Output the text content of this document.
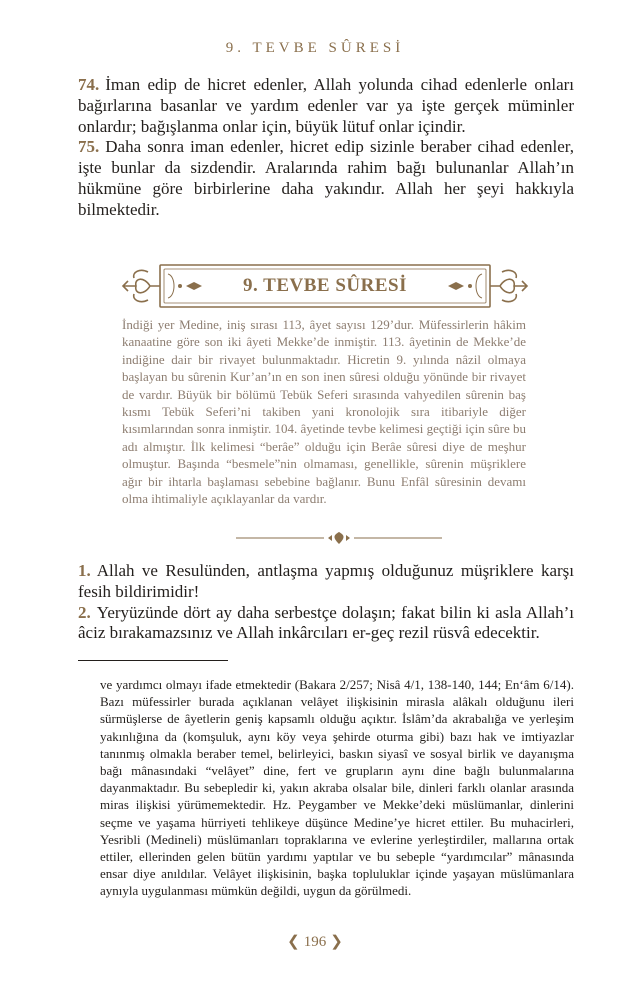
9. TEVBE SÛRESİ

74. İman edip de hicret edenler, Allah yolunda cihad edenlerle onları bağırlarına basanlar ve yardım edenler var ya işte gerçek müminler onlardır; bağışlanma onlar için, büyük lütuf onlar içindir.

75. Daha sonra iman edenler, hicret edip sizinle beraber cihad edenler, işte bunlar da sizdendir. Aralarında rahim bağı bulunanlar Allah’ın hükmüne göre birbirlerine daha yakındır. Allah her şeyi hakkıyla bilmektedir.

9. TEVBE SÛRESİ

İndiği yer Medine, iniş sırası 113, âyet sayısı 129’dur. Müfessirlerin hâkim kanaatine göre son iki âyeti Mekke’de inmiştir. 113. âyetinin de Mekke’de indiğine dair bir rivayet bulunmaktadır. Hicretin 9. yılında nâzil olmaya başlayan bu sûrenin Kur’an’ın en son inen sûresi olduğu yönünde bir rivayet de vardır. Büyük bir bölümü Tebük Seferi sırasında vahyedilen sûrenin baş kısmı Tebük Seferi’ni takiben yani kronolojik sıra itibariyle diğer kısımlarından sonra inmiştir. 104. âyetinde tevbe kelimesi geçtiği için sûre bu adı almıştır. İlk kelimesi “berâe” olduğu için Berâe sûresi diye de meşhur olmuştur. Başında “besmele”nin olmaması, genellikle, sûrenin müşriklere ağır bir ihtarla başlaması sebebine bağlanır. Bunu Enfâl sûresinin devamı olma ihtimaliyle açıklayanlar da vardır.

1. Allah ve Resulünden, antlaşma yapmış olduğunuz müşriklere karşı fesih bildirimidir!

2. Yeryüzünde dört ay daha serbestçe dolaşın; fakat bilin ki asla Allah’ı âciz bırakamazsınız ve Allah inkârcıları er-geç rezil rüsvâ edecektir.

ve yardımcı olmayı ifade etmektedir (Bakara 2/257; Nisâ 4/1, 138-140, 144; En‘âm 6/14). Bazı müfessirler burada açıklanan velâyet ilişkisinin mirasla alâkalı olduğunu ileri sürmüşlerse de âyetlerin geniş kapsamlı olduğu açıktır. İslâm’da akrabalığa ve yerleşim yakınlığına da (komşuluk, aynı köy veya şehirde oturma gibi) bazı hak ve imtiyazlar tanınmış olmakla beraber temel, belirleyici, baskın siyasî ve sosyal birlik ve dayanışma bağı mânasındaki “velâyet” dine, fert ve grupların aynı dine bağlı bulunmalarına dayanmaktadır. Bu sebepledir ki, yakın akraba olsalar bile, dinleri farklı olanlar arasında miras ilişkisi yürümemektedir. Hz. Peygamber ve Mekke’deki müslümanlar, dinlerini seçme ve yaşama hürriyeti tehlikeye düşünce Medine’ye hicret ettiler. Bu muhacirleri, Yesribli (Medineli) müslümanları topraklarına ve evlerine yerleştirdiler, mallarına ortak ettiler, ellerinden gelen bütün yardımı yaptılar ve bu sebeple “yardımcılar” mânasında ensar diye anıldılar. Velâyet ilişkisinin, başka topluluklar içinde yaşayan müslümanlara aynıyla uygulanması mümkün değildi, uygun da görülmedi.

❮ 196 ❯
